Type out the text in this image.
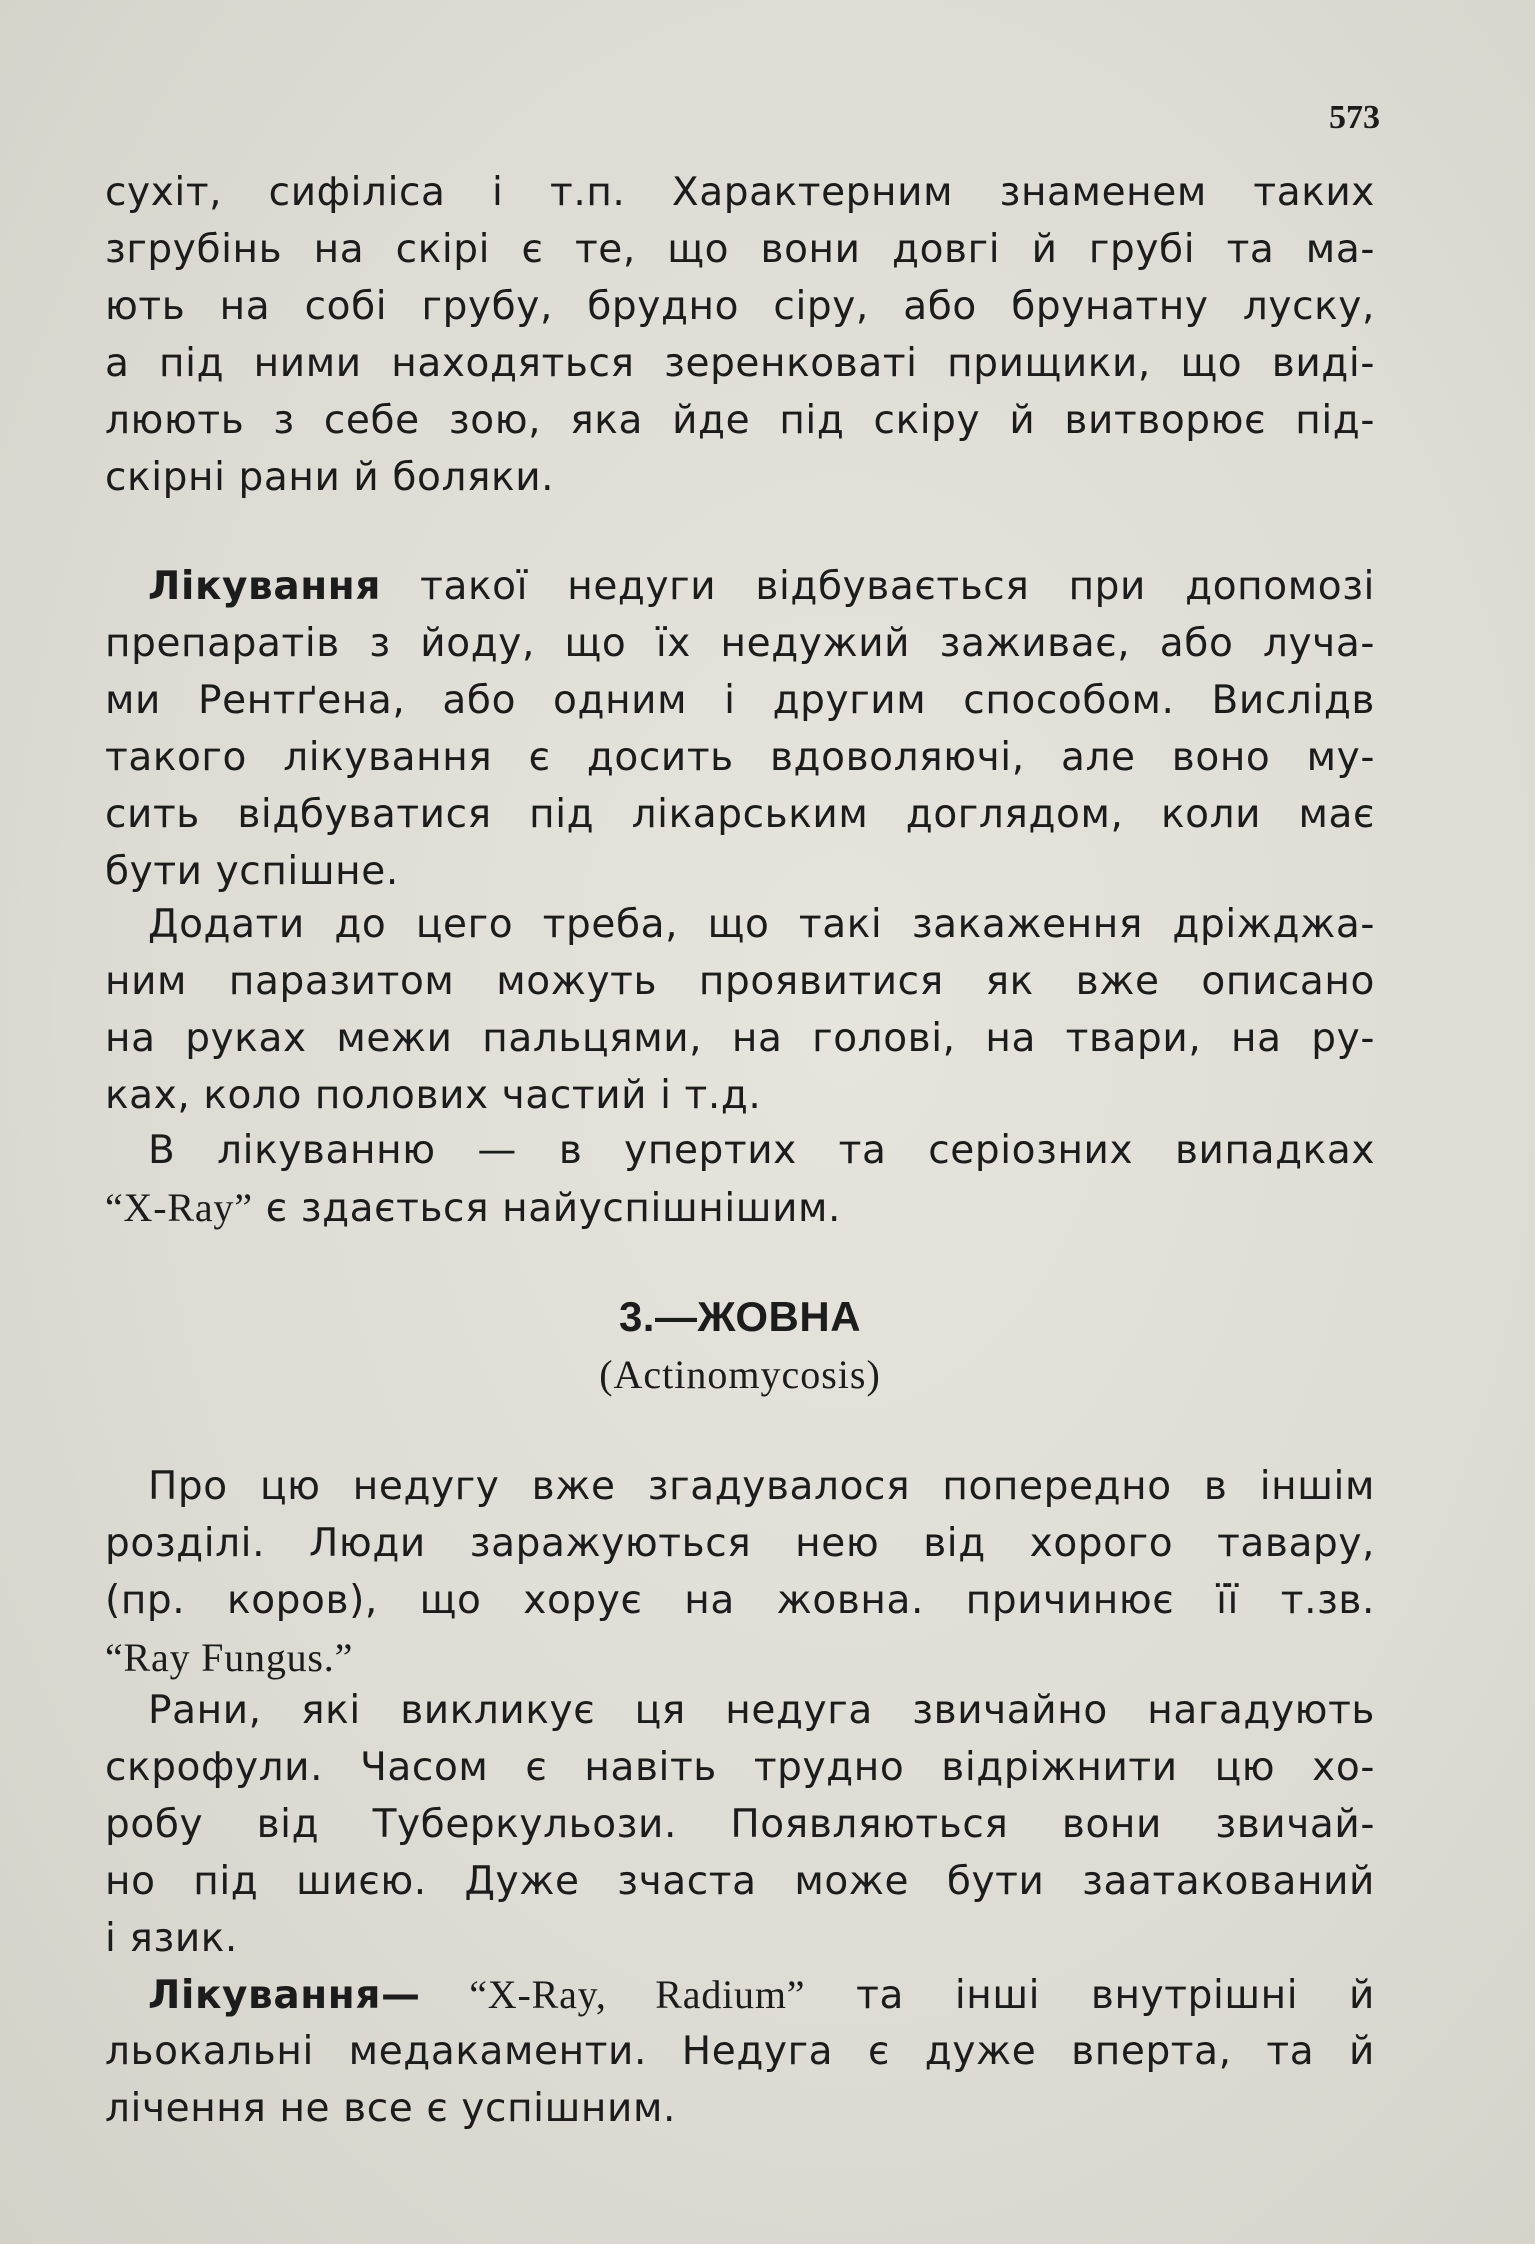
573
сухіт, сифіліса і т.п. Характерним знаменем таких
згрубінь на скірі є те, що вони довгі й грубі та ма-
ють на собі грубу, брудно сіру, або брунатну луску,
а під ними находяться зеренковаті прищики, що виді-
люють з себе зою, яка йде під скіру й витворює під-
скірні рани й боляки.
Лікування такої недуги відбувається при допомозі
препаратів з йоду, що їх недужий заживає, або луча-
ми Рентґена, або одним і другим способом. Вислідв
такого лікування є досить вдоволяючі, але воно му-
сить відбуватися під лікарським доглядом, коли має
бути успішне.
Додати до цего треба, що такі закаження дріжджа-
ним паразитом можуть проявитися як вже описано
на руках межи пальцями, на голові, на твари, на ру-
ках, коло полових частий і т.д.
В лікуванню — в упертих та серіозних випадках
“X-Ray” є здається найуспішнішим.
3.—ЖОВНА
(Actinomycosis)
Про цю недугу вже згадувалося попередно в іншім
розділі. Люди заражуються нею від хорого тавару,
(пр. коров), що хорує на жовна. причинює її т.зв.
“Ray Fungus.”
Рани, які викликує ця недуга звичайно нагадують
скрофули. Часом є навіть трудно відріжнити цю хо-
робу від Туберкульози. Появляються вони звичай-
но під шиєю. Дуже зчаста може бути заатакований
і язик.
Лікування— “X-Ray, Radium” та інші внутрішні й
льокальні медакаменти. Недуга є дуже вперта, та й
лічення не все є успішним.
